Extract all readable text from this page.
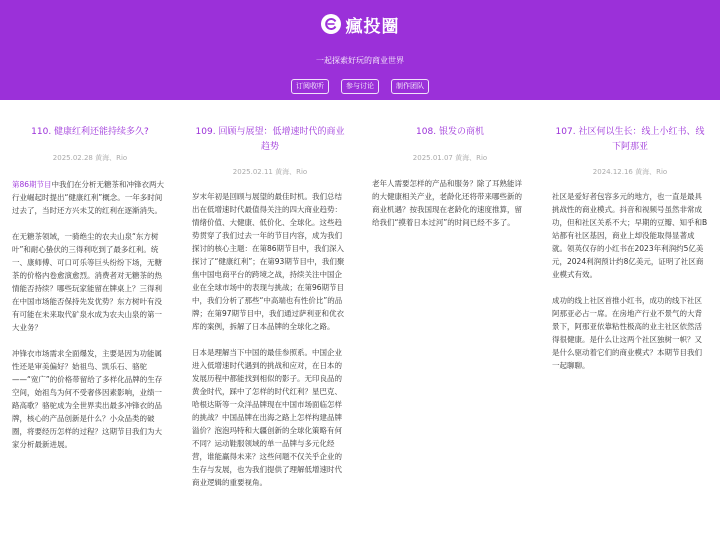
瘋投圈
一起探索好玩的商业世界
订阅收听	参与讨论	制作团队
110. 健康红利还能持续多久?
2025.02.28 黄海、Rio

第86期节目中我们在分析无糖茶和冲锋衣两大行业崛起时提出“健康红利”概念。一年多时间过去了，当时还方兴未艾的红利在逐渐消失。

在无糖茶领域，一骑绝尘的农夫山泉“东方树叶”和耐心蛰伏的三得利吃到了最多红利。统一、康师傅、可口可乐等巨头纷纷下场，无糖茶的价格内卷愈演愈烈。消费者对无糖茶的热情能否持续？哪些玩家能留在牌桌上？三得利在中国市场能否保持先发优势？东方树叶有没有可能在未来取代矿泉水成为农夫山泉的第一大业务？

冲锋衣市场需求全面爆发，主要是因为功能属性还是审美偏好？始祖鸟、凯乐石、骆驼——“宽广”的价格带留给了多样化品牌的生存空间，始祖鸟为何不受奢侈因素影响，业绩一路高歌？骆驼成为全世界卖出最多冲锋衣的品牌，核心的产品创新是什么？小众品类的破圈，将要经历怎样的过程？这期节目我们为大家分析最新进展。

109. 回顾与展望：低增速时代的商业趋势
2025.02.11 黄海、Rio

岁末年初是回顾与展望的最佳时机。我们总结出在低增速时代最值得关注的四大商业趋势：情绪价值、大健康、低价化、全球化。这些趋势贯穿了我们过去一年的节目内容，成为我们探讨的核心主题：在第86期节目中，我们深入探讨了“健康红利”；在第93期节目中，我们聚焦中国电商平台的跨境之战，持续关注中国企业在全球市场中的表现与挑战；在第96期节目中，我们分析了那些“中高端也有性价比”的品牌；在第97期节目中，我们通过萨利亚和优衣库的案例，拆解了日本品牌的全球化之路。

日本是理解当下中国的最佳参照系。中国企业进入低增速时代遇到的挑战和应对，在日本的发展历程中都能找到相似的影子。无印良品的黄金时代，踩中了怎样的时代红利？星巴克、哈根达斯等一众洋品牌现在中国市场面临怎样的挑战？中国品牌在出海之路上怎样构建品牌溢价？泡泡玛特和大疆创新的全球化策略有何不同？运动鞋服领域的单一品牌与多元化经营，谁能赢得未来？这些问题不仅关乎企业的生存与发展，也为我们提供了理解低增速时代商业逻辑的重要视角。

108. 银发の商机
2025.01.07 黄海、Rio

老年人需要怎样的产品和服务？除了耳熟能详的大健康相关产业，老龄化还将带来哪些新的商业机遇？按我国现在老龄化的速度推算，留给我们“摸着日本过河”的时间已经不多了。

107. 社区何以生长：线上小红书、线下阿那亚
2024.12.16 黄海、Rio

社区是爱好者包容多元的地方，也一直是最具挑战性的商业模式。抖音和视频号虽然非常成功，但和社区关系不大；早期的豆瓣、知乎和B站都有社区基因，商业上却没能取得显著成就。领英仅存的小红书在2023年利润约5亿美元，2024利润预计约8亿美元，证明了社区商业模式有效。

成功的线上社区首推小红书，成功的线下社区阿那亚必占一席。在房地产行业不景气的大背景下，阿那亚依靠粘性极高的业主社区依然活得很健康。是什么让这两个社区独树一帜？又是什么驱动着它们的商业模式？本期节目我们一起聊聊。
